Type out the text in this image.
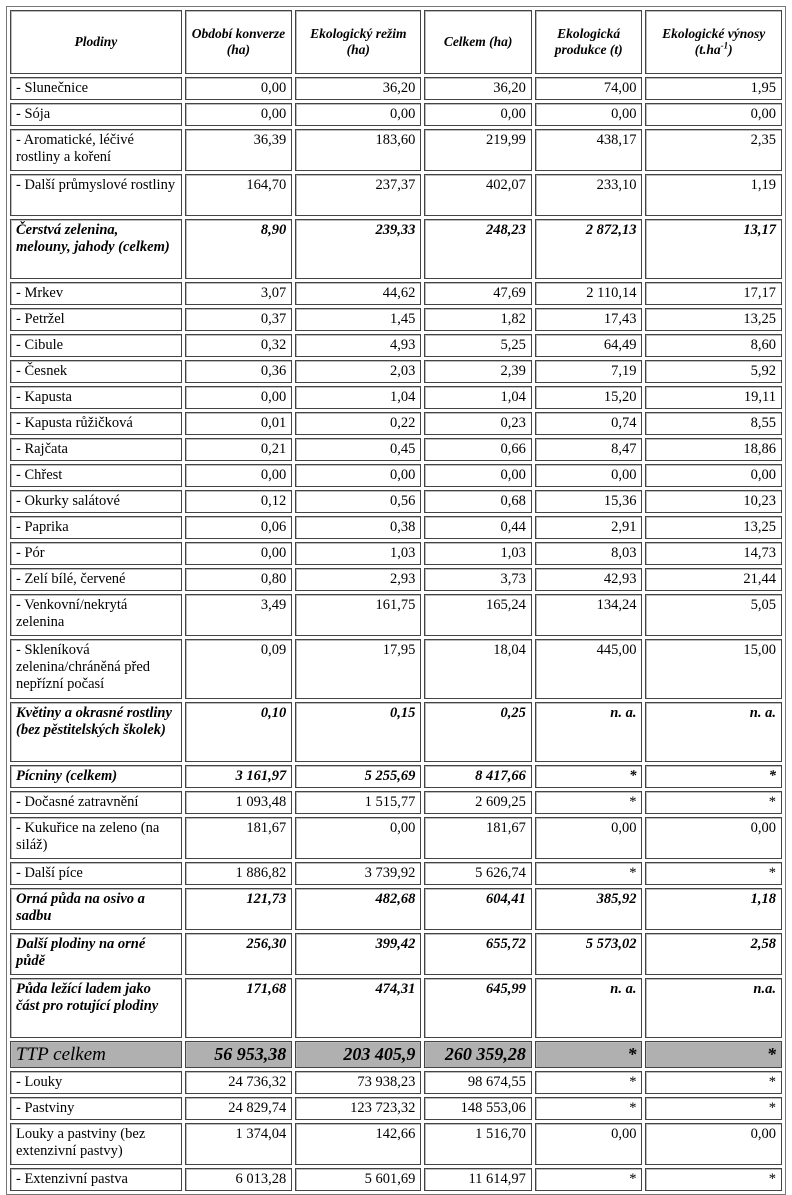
Plodiny	Období konverze (ha)	Ekologický režim (ha)	Celkem (ha)	Ekologická produkce (t)	Ekologické výnosy $(t.ha^{-1})$
- Slunečnice	0,00	36,20	36,20	74,00	1,95
- Sója	0,00	0,00	0,00	0,00	0,00
- Aromatické, léčivé rostliny a koření	36,39	183,60	219,99	438,17	2,35
- Další průmyslové rostliny	164,70	237,37	402,07	233,10	1,19
Čerstvá zelenina, melouny, jahody (celkem)	8,90	239,33	248,23	2 872,13	13,17
- Mrkev	3,07	44,62	47,69	2 110,14	17,17
- Petržel	0,37	1,45	1,82	17,43	13,25
- Cibule	0,32	4,93	5,25	64,49	8,60
- Česnek	0,36	2,03	2,39	7,19	5,92
- Kapusta	0,00	1,04	1,04	15,20	19,11
- Kapusta růžičková	0,01	0,22	0,23	0,74	8,55
- Rajčata	0,21	0,45	0,66	8,47	18,86
- Chřest	0,00	0,00	0,00	0,00	0,00
- Okurky salátové	0,12	0,56	0,68	15,36	10,23
- Paprika	0,06	0,38	0,44	2,91	13,25
- Pór	0,00	1,03	1,03	8,03	14,73
- Zelí bílé, červené	0,80	2,93	3,73	42,93	21,44
- Venkovní/nekrytá zelenina	3,49	161,75	165,24	134,24	5,05
- Skleníková zelenina/chráněná před nepřízní počasí	0,09	17,95	18,04	445,00	15,00
Květiny a okrasné rostliny (bez pěstitelských školek)	0,10	0,15	0,25	n. a.	n. a.
Pícniny (celkem)	3 161,97	5 255,69	8 417,66	*	*
- Dočasné zatravnění	1 093,48	1 515,77	2 609,25	*	*
- Kukuřice na zeleno (na siláž)	181,67	0,00	181,67	0,00	0,00
- Další píce	1 886,82	3 739,92	5 626,74	*	*
Orná půda na osivo a sadbu	121,73	482,68	604,41	385,92	1,18
Další plodiny na orné půdě	256,30	399,42	655,72	5 573,02	2,58
Půda ležící ladem jako část pro rotující plodiny	171,68	474,31	645,99	n. a.	n.a.
TTP celkem	56 953,38	203 405,9	260 359,28	*	*
- Louky	24 736,32	73 938,23	98 674,55	*	*
- Pastviny	24 829,74	123 723,32	148 553,06	*	*
Louky a pastviny (bez extenzivní pastvy)	1 374,04	142,66	1 516,70	0,00	0,00
- Extenzivní pastva	6 013,28	5 601,69	11 614,97	*	*
